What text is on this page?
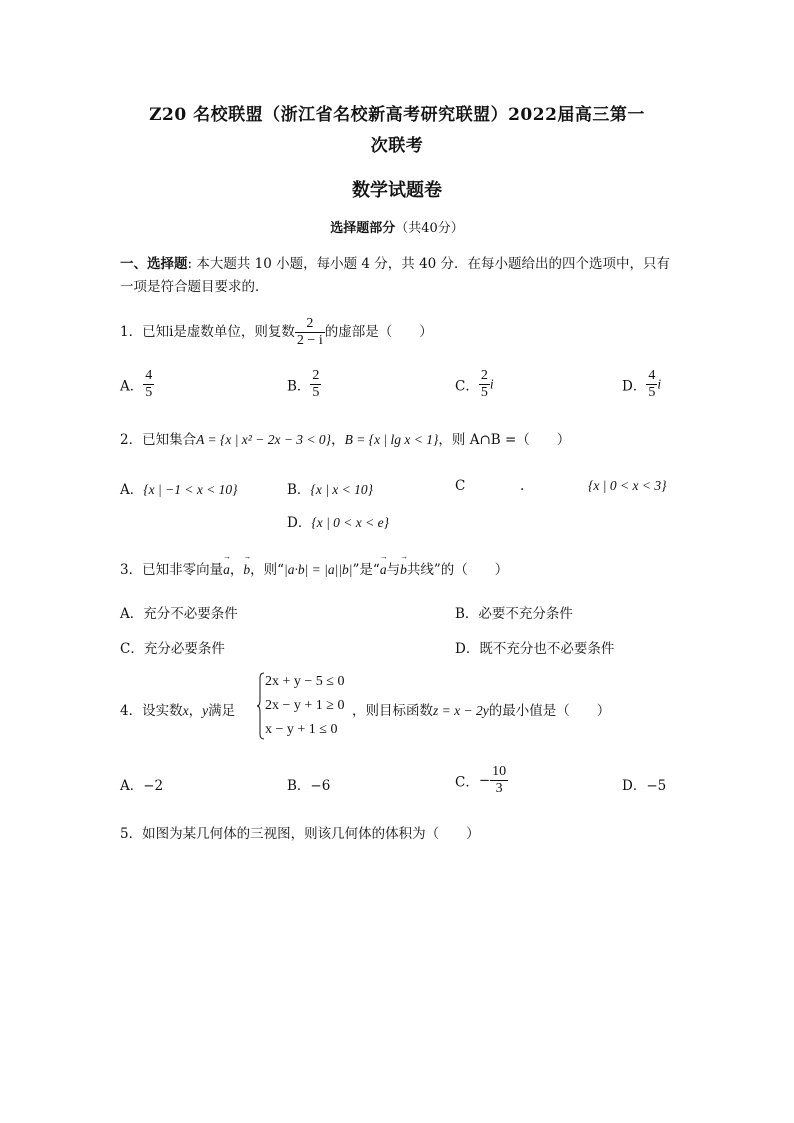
Z20 名校联盟（浙江省名校新高考研究联盟）2022届高三第一
次联考
数学试题卷
选择题部分（共40分）
一、选择题: 本大题共 10 小题，每小题 4 分，共 40 分．在每小题给出的四个选项中，只有
一项是符合题目要求的．
1．已知i是虚数单位，则复数 $\frac{2}{2 - i}$ 的虚部是（　　）
A． $\frac{4}{5}$	B． $\frac{2}{5}$	C． $\frac{2}{5}$ i	D． $\frac{4}{5}$ i
2．已知集合A = {x | x² − 2x − 3 < 0}，B = {x | lg x < 1}，则 A∩B =（　　）
A．{x | −1 < x < 10}	B．{x | x < 10}	C	.	{x | 0 < x < 3}
D．{x | 0 < x < e}
3．已知非零向量→ a，→ b，则“|a·b| = |a||b|”是“→ a与→ b共线”的（　　）
A．充分不必要条件	B．必要不充分条件
C．充分必要条件	D．既不充分也不必要条件
4．设实数x，y满足
2x + y − 5 ≤ 0
2x − y + 1 ≥ 0
x − y + 1 ≤ 0
，则目标函数z = x − 2y的最小值是（　　）
A．−2	B．−6	C．− $\frac{10}{3}$	D．−5
5．如图为某几何体的三视图，则该几何体的体积为（　　）
